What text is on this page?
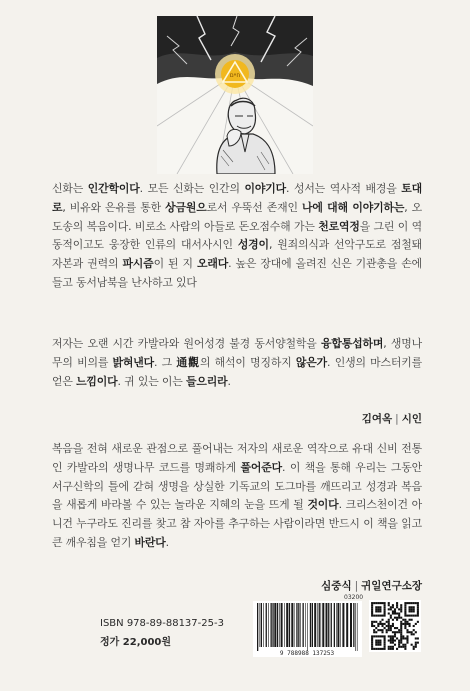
חיים

신화는 인간학이다. 모든 신화는 인간의 이야기다. 성서는 역사적 배경을 토대로, 비유와 은유를 통한 상금원으로서 우뚝선 존재인 나에 대해 이야기하는, 오도송의 복음이다. 비로소 사람의 아들로 돈오점수해 가는 천로역정을 그린 이 역동적이고도 웅장한 인류의 대서사시인 성경이, 원죄의식과 선악구도로 점철돼 자본과 권력의 파시즘이 된 지 오래다. 높은 장대에 올려진 신은 기관총을 손에 들고 동서남북을 난사하고 있다

저자는 오랜 시간 카발라와 원어성경 불경 동서양철학을 융합통섭하며, 생명나무의 비의를 밝혀낸다. 그 通觀의 해석이 명징하지 않은가. 인생의 마스터키를 얻은 느낌이다. 귀 있는 이는 들으리라.

김여옥 | 시인

복음을 전혀 새로운 관점으로 풀어내는 저자의 새로운 역작으로 유대 신비 전통인 카발라의 생명나무 코드를 명쾌하게 풀어준다. 이 책을 통해 우리는 그동안 서구신학의 틀에 갇혀 생명을 상실한 기독교의 도그마를 깨뜨리고 성경과 복음을 새롭게 바라볼 수 있는 놀라운 지혜의 눈을 뜨게 될 것이다. 크리스천이건 아니건 누구라도 진리를 찾고 참 자아를 추구하는 사람이라면 반드시 이 책을 읽고 큰 깨우침을 얻기 바란다.

심중식 | 귀일연구소장
ISBN 978-89-88137-25-3
정가 22,000원
03200
9 788988 137253
